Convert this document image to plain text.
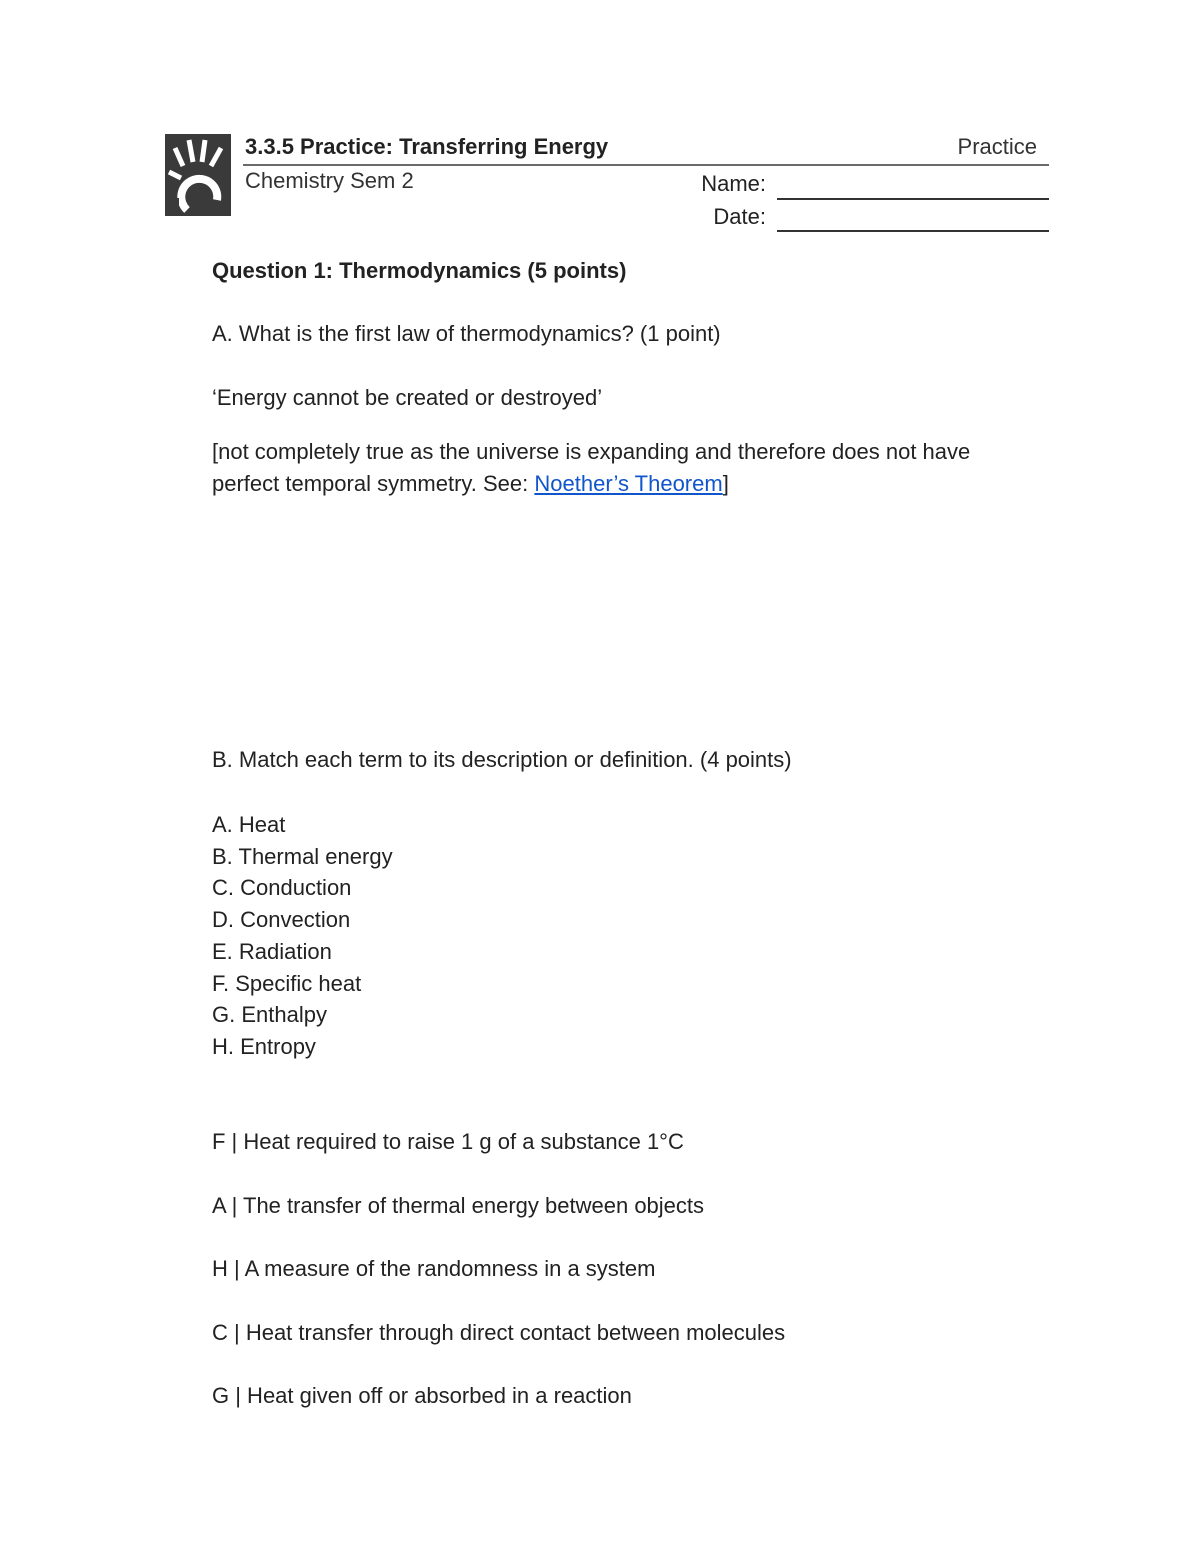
3.3.5 Practice: Transferring Energy	Practice
Chemistry Sem 2	Name:
Date:
Question 1: Thermodynamics (5 points)
A. What is the first law of thermodynamics? (1 point)
‘Energy cannot be created or destroyed’
[not completely true as the universe is expanding and therefore does not have
perfect temporal symmetry. See: Noether’s Theorem]
B. Match each term to its description or definition. (4 points)
A. Heat
B. Thermal energy
C. Conduction
D. Convection
E. Radiation
F. Specific heat
G. Enthalpy
H. Entropy
F | Heat required to raise 1 g of a substance 1°C
A | The transfer of thermal energy between objects
H | A measure of the randomness in a system
C | Heat transfer through direct contact between molecules
G | Heat given off or absorbed in a reaction
